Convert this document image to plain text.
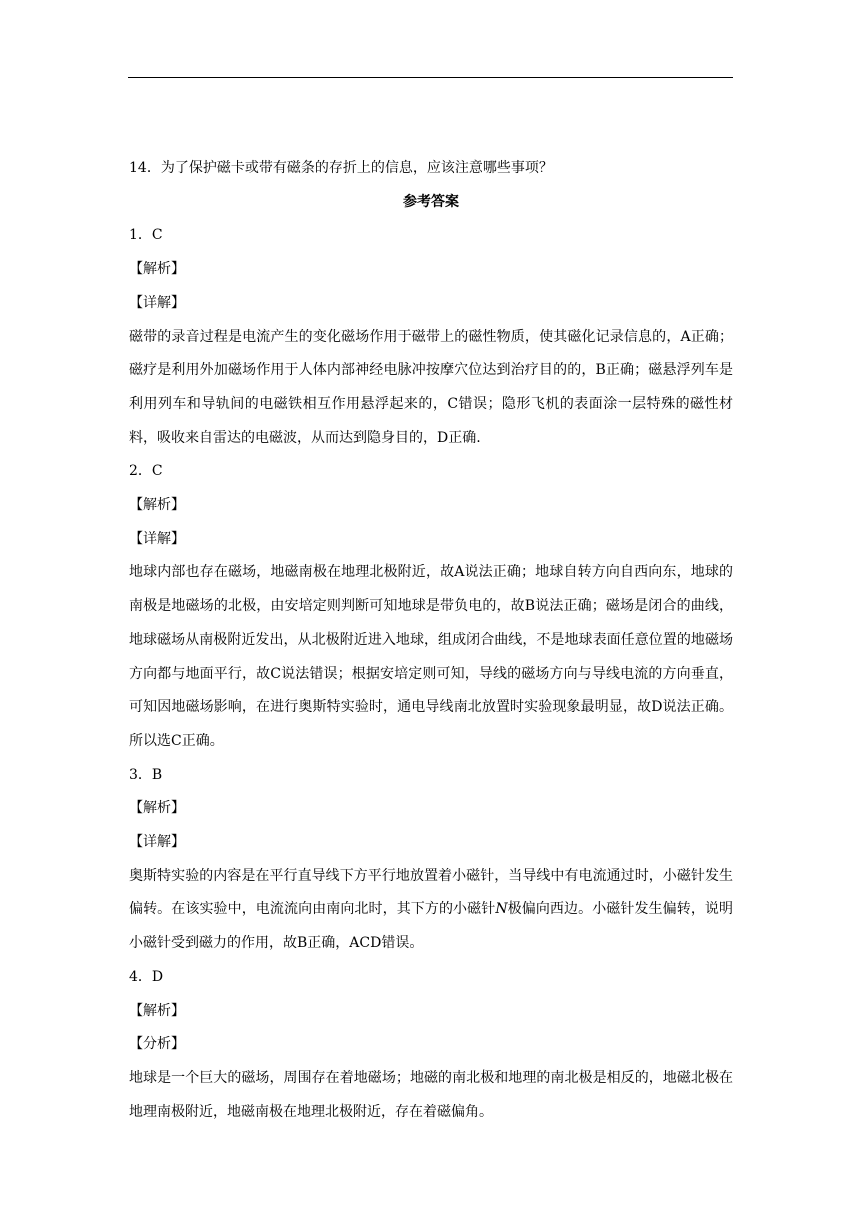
14．为了保护磁卡或带有磁条的存折上的信息，应该注意哪些事项？
参考答案
1．C
【解析】
【详解】
磁带的录音过程是电流产生的变化磁场作用于磁带上的磁性物质，使其磁化记录信息的，A正确；磁疗是利用外加磁场作用于人体内部神经电脉冲按摩穴位达到治疗目的的，B正确；磁悬浮列车是利用列车和导轨间的电磁铁相互作用悬浮起来的，C错误；隐形飞机的表面涂一层特殊的磁性材料，吸收来自雷达的电磁波，从而达到隐身目的，D正确.
2．C
【解析】
【详解】
地球内部也存在磁场，地磁南极在地理北极附近，故A说法正确；地球自转方向自西向东，地球的南极是地磁场的北极，由安培定则判断可知地球是带负电的，故B说法正确；磁场是闭合的曲线，地球磁场从南极附近发出，从北极附近进入地球，组成闭合曲线，不是地球表面任意位置的地磁场方向都与地面平行，故C说法错误；根据安培定则可知，导线的磁场方向与导线电流的方向垂直，可知因地磁场影响，在进行奥斯特实验时，通电导线南北放置时实验现象最明显，故D说法正确。所以选C正确。
3．B
【解析】
【详解】
奥斯特实验的内容是在平行直导线下方平行地放置着小磁针，当导线中有电流通过时，小磁针发生偏转。在该实验中，电流流向由南向北时，其下方的小磁针N极偏向西边。小磁针发生偏转，说明小磁针受到磁力的作用，故B正确，ACD错误。
4．D
【解析】
【分析】
地球是一个巨大的磁场，周围存在着地磁场；地磁的南北极和地理的南北极是相反的，地磁北极在地理南极附近，地磁南极在地理北极附近，存在着磁偏角。
